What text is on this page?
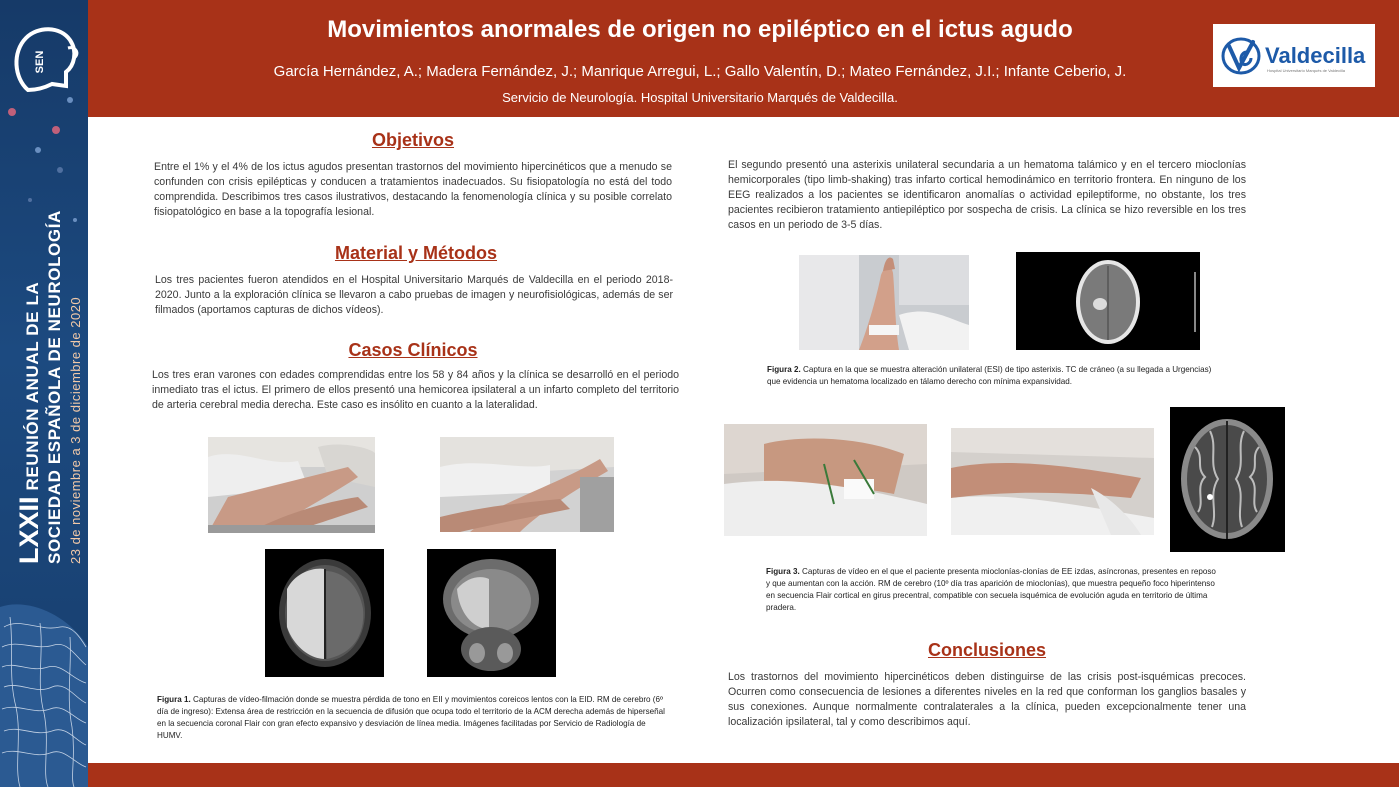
SEN
LXXIIREUNIÓN ANUAL DE LA SOCIEDAD ESPAÑOLA DE NEUROLOGÍA 23 de noviembre a 3 de diciembre de 2020
Movimientos anormales de origen no epiléptico en el ictus agudo
García Hernández, A.; Madera Fernández, J.; Manrique Arregui, L.; Gallo Valentín, D.; Mateo Fernández, J.I.; Infante Ceberio, J.
Servicio de Neurología. Hospital Universitario Marqués de Valdecilla.
Valdecilla
Hospital Universitario Marqués de Valdecilla
Objetivos
Entre el 1% y el 4% de los ictus agudos presentan trastornos del movimiento hipercinéticos que a menudo se confunden con crisis epilépticas y conducen a tratamientos inadecuados. Su fisiopatología no está del todo comprendida. Describimos tres casos ilustrativos, destacando la fenomenología clínica y su posible correlato fisiopatológico en base a la topografía lesional.
Material y Métodos
Los tres pacientes fueron atendidos en el Hospital Universitario Marqués de Valdecilla en el periodo 2018-2020. Junto a la exploración clínica se llevaron a cabo pruebas de imagen y neurofisiológicas, además de ser filmados (aportamos capturas de dichos vídeos).
Casos Clínicos
Los tres eran varones con edades comprendidas entre los 58 y 84 años y la clínica se desarrolló en el periodo inmediato tras el ictus. El primero de ellos presentó una hemicorea ipsilateral a un infarto completo del territorio de arteria cerebral media derecha. Este caso es insólito en cuanto a la lateralidad.
Figura 1. Capturas de vídeo-filmación donde se muestra pérdida de tono en EII y movimientos coreicos lentos con la EID. RM de cerebro (6º día de ingreso): Extensa área de restricción en la secuencia de difusión que ocupa todo el territorio de la ACM derecha además de hiperseñal en la secuencia coronal Flair con gran efecto expansivo y desviación de línea media. Imágenes facilitadas por Servicio de Radiología de HUMV.
El segundo presentó una asterixis unilateral secundaria a un hematoma talámico y en el tercero mioclonías hemicorporales (tipo limb-shaking) tras infarto cortical hemodinámico en territorio frontera. En ninguno de los EEG realizados a los pacientes se identificaron anomalías o actividad epileptiforme, no obstante, los tres pacientes recibieron tratamiento antiepiléptico por sospecha de crisis. La clínica se hizo reversible en los tres casos en un periodo de 3-5 días.
Figura 2. Captura en la que se muestra alteración unilateral (ESI) de tipo asterixis. TC de cráneo (a su llegada a Urgencias) que evidencia un hematoma localizado en tálamo derecho con mínima expansividad.
Figura 3. Capturas de vídeo en el que el paciente presenta mioclonías-clonías de EE izdas, asíncronas, presentes en reposo y que aumentan con la acción. RM de cerebro (10º día tras aparición de mioclonías), que muestra pequeño foco hiperintenso en secuencia Flair cortical en girus precentral, compatible con secuela isquémica de evolución aguda en territorio de última pradera.
Conclusiones
Los trastornos del movimiento hipercinéticos deben distinguirse de las crisis post-isquémicas precoces. Ocurren como consecuencia de lesiones a diferentes niveles en la red que conforman los ganglios basales y sus conexiones. Aunque normalmente contralaterales a la clínica, pueden excepcionalmente tener una localización ipsilateral, tal y como describimos aquí.
